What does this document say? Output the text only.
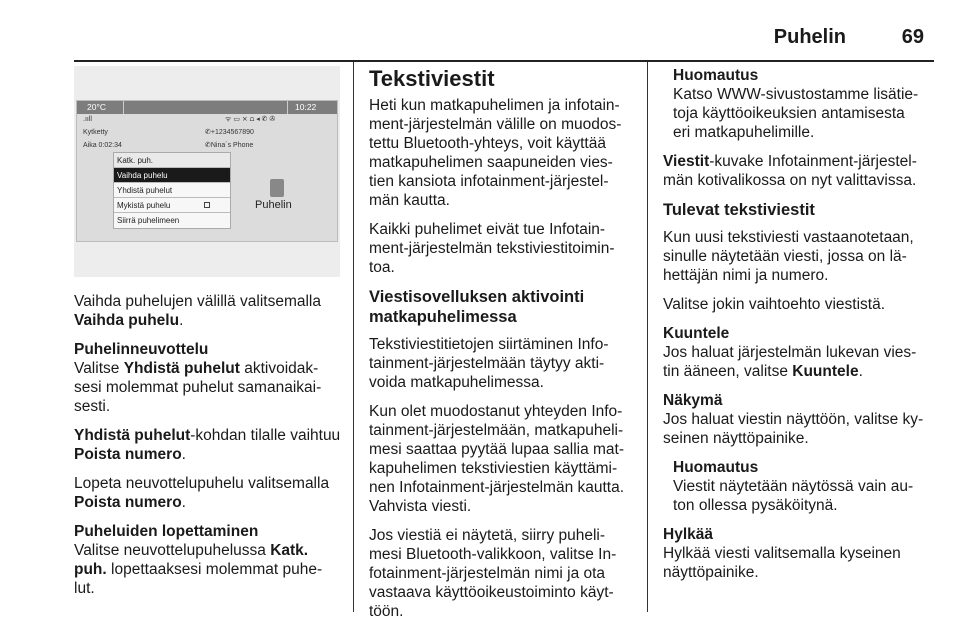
Puhelin	69
20°C	10:22
.ııll	ᯤ ▭ ⨯ ⩍ ◂ ✆ ✇
Kytketty
Aika 0:02:34
✆+1234567890
✆Nina´s Phone
Katk. puh.
Vaihda puhelu
Yhdistä puhelut
Mykistä puhelu
Siirrä puhelimeen
Puhelin

Vaihda puhelujen välillä valitsemalla
Vaihda puhelu.

Puhelinneuvottelu

Valitse Yhdistä puhelut aktivoidak-
sesi molemmat puhelut samanaikai-
sesti.

Yhdistä puhelut-kohdan tilalle vaihtuu
Poista numero.

Lopeta neuvottelupuhelu valitsemalla
Poista numero.

Puheluiden lopettaminen

Valitse neuvottelupuhelussa Katk.
puh. lopettaaksesi molemmat puhe-
lut.

Tekstiviestit

Heti kun matkapuhelimen ja infotain-
ment-järjestelmän välille on muodos-
tettu Bluetooth-yhteys, voit käyttää
matkapuhelimen saapuneiden vies-
tien kansiota infotainment-järjestel-
män kautta.

Kaikki puhelimet eivät tue Infotain-
ment-järjestelmän tekstiviestitoimin-
toa.

Viestisovelluksen aktivointi
matkapuhelimessa

Tekstiviestitietojen siirtäminen Info-
tainment-järjestelmään täytyy akti-
voida matkapuhelimessa.

Kun olet muodostanut yhteyden Info-
tainment-järjestelmään, matkapuheli-
mesi saattaa pyytää lupaa sallia mat-
kapuhelimen tekstiviestien käyttämi-
nen Infotainment-järjestelmän kautta.
Vahvista viesti.

Jos viestiä ei näytetä, siirry puheli-
mesi Bluetooth-valikkoon, valitse In-
fotainment-järjestelmän nimi ja ota
vastaava käyttöoikeustoiminto käyt-
töön.

Huomautus
Katso WWW-sivustostamme lisätie-
toja käyttöoikeuksien antamisesta
eri matkapuhelimille.

Viestit-kuvake Infotainment-järjestel-
män kotivalikossa on nyt valittavissa.

Tulevat tekstiviestit

Kun uusi tekstiviesti vastaanotetaan,
sinulle näytetään viesti, jossa on lä-
hettäjän nimi ja numero.

Valitse jokin vaihtoehto viestistä.

Kuuntele

Jos haluat järjestelmän lukevan vies-
tin ääneen, valitse Kuuntele.

Näkymä

Jos haluat viestin näyttöön, valitse ky-
seinen näyttöpainike.

Huomautus
Viestit näytetään näytössä vain au-
ton ollessa pysäköitynä.
Hylkää

Hylkää viesti valitsemalla kyseinen
näyttöpainike.
